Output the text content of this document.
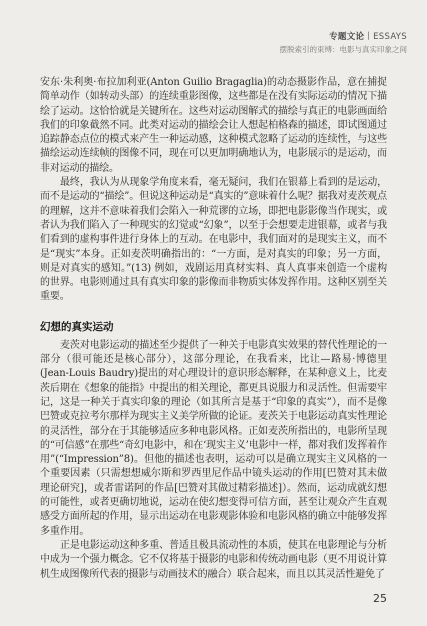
专题文论丨ESSAYS
摆脱索引的束缚：电影与真实印象之间

安东·朱利奥·布拉加利亚(Anton Guilio Bragaglia)的动态摄影作品，意在捕捉简单动作（如转动头部）的连续重影图像，这些都是在没有实际运动的情况下描绘了运动。这恰恰就是关键所在。这些对运动图解式的描绘与真正的电影画面给我们的印象截然不同。此类对运动的描绘会让人想起柏格森的描述，即试图通过追踪静态点位的模式来产生一种运动感，这种模式忽略了运动的连续性，与这些描绘运动连续帧的图像不同，现在可以更加明确地认为，电影展示的是运动，而非对运动的描绘。

最终，我认为从现象学角度来看，毫无疑问，我们在银幕上看到的是运动，而不是运动的“描绘”。但说这种运动是“真实的”意味着什么呢？据我对麦茨观点的理解，这并不意味着我们会陷入一种荒谬的立场，即把电影影像当作现实，或者认为我们陷入了一种现实的幻觉或“幻象”，以至于会想要走进银幕，或者与我们看到的虚构事件进行身体上的互动。在电影中，我们面对的是现实主义，而不是“现实”本身。正如麦茨明确指出的：“一方面，是对真实的印象；另一方面，则是对真实的感知。”(13) 例如，戏剧运用真材实料、真人真事来创造一个虚构的世界。电影则通过具有真实印象的影像而非物质实体发挥作用。这种区别至关重要。

幻想的真实运动

麦茨对电影运动的描述至少提供了一种关于电影真实效果的替代性理论的一部分（很可能还是核心部分），这部分理论，在我看来，比让—路易·博德里(Jean-Louis Baudry)提出的对心理设计的意识形态解释，在某种意义上，比麦茨后期在《想象的能指》中提出的相关理论，都更具说服力和灵活性。但需要牢记，这是一种关于真实印象的理论（如其所言是基于“印象的真实”），而不是像巴赞或克拉考尔那样为现实主义美学所做的论证。麦茨关于电影运动真实性理论的灵活性，部分在于其能够适应多种电影风格。正如麦茨所指出的，电影所呈现的“可信感”在那些“奇幻电影中，和在‘现实主义’电影中一样，都对我们发挥着作用”(“Impression”8)。但他的描述也表明，运动可以是确立现实主义风格的一个重要因素（只需想想威尔斯和罗西里尼作品中镜头运动的作用[巴赞对其未做理论研究]，或者雷诺阿的作品[巴赞对其做过精彩描述]）。然而，运动成就幻想的可能性，或者更确切地说，运动在使幻想变得可信方面，甚至让观众产生直观感受方面所起的作用，显示出运动在电影观影体验和电影风格的确立中能够发挥多重作用。

正是电影运动这种多重、普适且极具流动性的本质，使其在电影理论与分析中成为一个强力概念。它不仅将基于摄影的电影和传统动画电影（更不用说计算机生成图像所代表的摄影与动画技术的融合）联合起来，而且以其灵活性避免了

25
